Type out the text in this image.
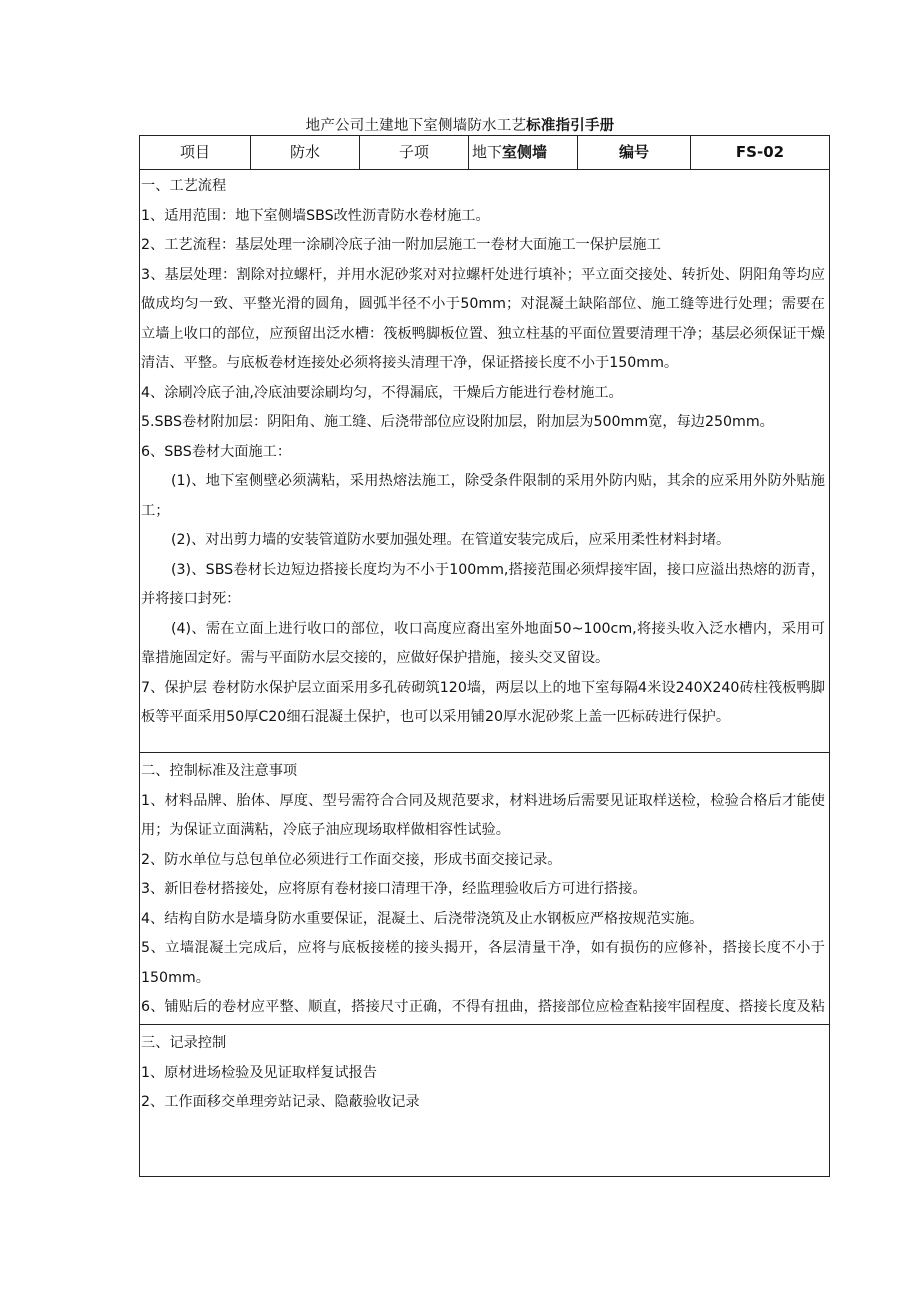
地产公司土建地下室侧墙防水工艺标准指引手册
项目	防水	子项	地下室侧墙	编号	FS-02

一、工艺流程

1、适用范围：地下室侧墙SBS改性沥青防水卷材施工。

2、工艺流程：基层处理一涂刷冷底子油一附加层施工一卷材大面施工一保护层施工

3、基层处理：割除对拉螺杆，并用水泥砂浆对对拉螺杆处进行填补；平立面交接处、转折处、阴阳角等均应做成均匀一致、平整光滑的圆角，圆弧半径不小于50mm；对混凝土缺陷部位、施工缝等进行处理；需要在立墙上收口的部位，应预留出泛水槽：筏板鸭脚板位置、独立柱基的平面位置要清理干净；基层必须保证干燥清洁、平整。与底板卷材连接处必须将接头清理干净，保证搭接长度不小于150mm。

4、涂刷冷底子油,冷底油要涂刷均匀，不得漏底，干燥后方能进行卷材施工。

5.SBS卷材附加层：阴阳角、施工缝、后浇带部位应设附加层，附加层为500mm宽，每边250mm。

6、SBS卷材大面施工：

(1)、地下室侧壁必须满粘，采用热熔法施工，除受条件限制的采用外防内贴，其余的应采用外防外贴施工；

(2)、对出剪力墙的安装管道防水要加强处理。在管道安装完成后，应采用柔性材料封堵。

(3)、SBS卷材长边短边搭接长度均为不小于100mm,搭接范围必须焊接牢固，接口应溢出热熔的沥青，并将接口封死：

(4)、需在立面上进行收口的部位，收口高度应裔出室外地面50~100cm,将接头收入泛水槽内，采用可靠措施固定好。需与平面防水层交接的，应做好保护措施，接头交叉留设。

7、保护层 卷材防水保护层立面采用多孔砖砌筑120墙，两层以上的地下室每隔4米设240X240砖柱筏板鸭脚板等平面采用50厚C20细石混凝土保护，也可以采用铺20厚水泥砂浆上盖一匹标砖进行保护。

二、控制标准及注意事项

1、材料品牌、胎体、厚度、型号需符合合同及规范要求，材料进场后需要见证取样送检，检验合格后才能使用；为保证立面满粘，冷底子油应现场取样做相容性试验。

2、防水单位与总包单位必须进行工作面交接，形成书面交接记录。

3、新旧卷材搭接处，应将原有卷材接口清理干净，经监理验收后方可进行搭接。

4、结构自防水是墙身防水重要保证，混凝土、后浇带浇筑及止水钢板应严格按规范实施。

5、立墙混凝土完成后，应将与底板接槎的接头揭开，各层清量干净，如有损伤的应修补，搭接长度不小于150mm。

6、铺贴后的卷材应平整、顺直，搭接尺寸正确，不得有扭曲，搭接部位应检查粘接牢固程度、搭接长度及粘

三、记录控制

1、原材进场检验及见证取样复试报告

2、工作面移交单理旁站记录、隐蔽验收记录
